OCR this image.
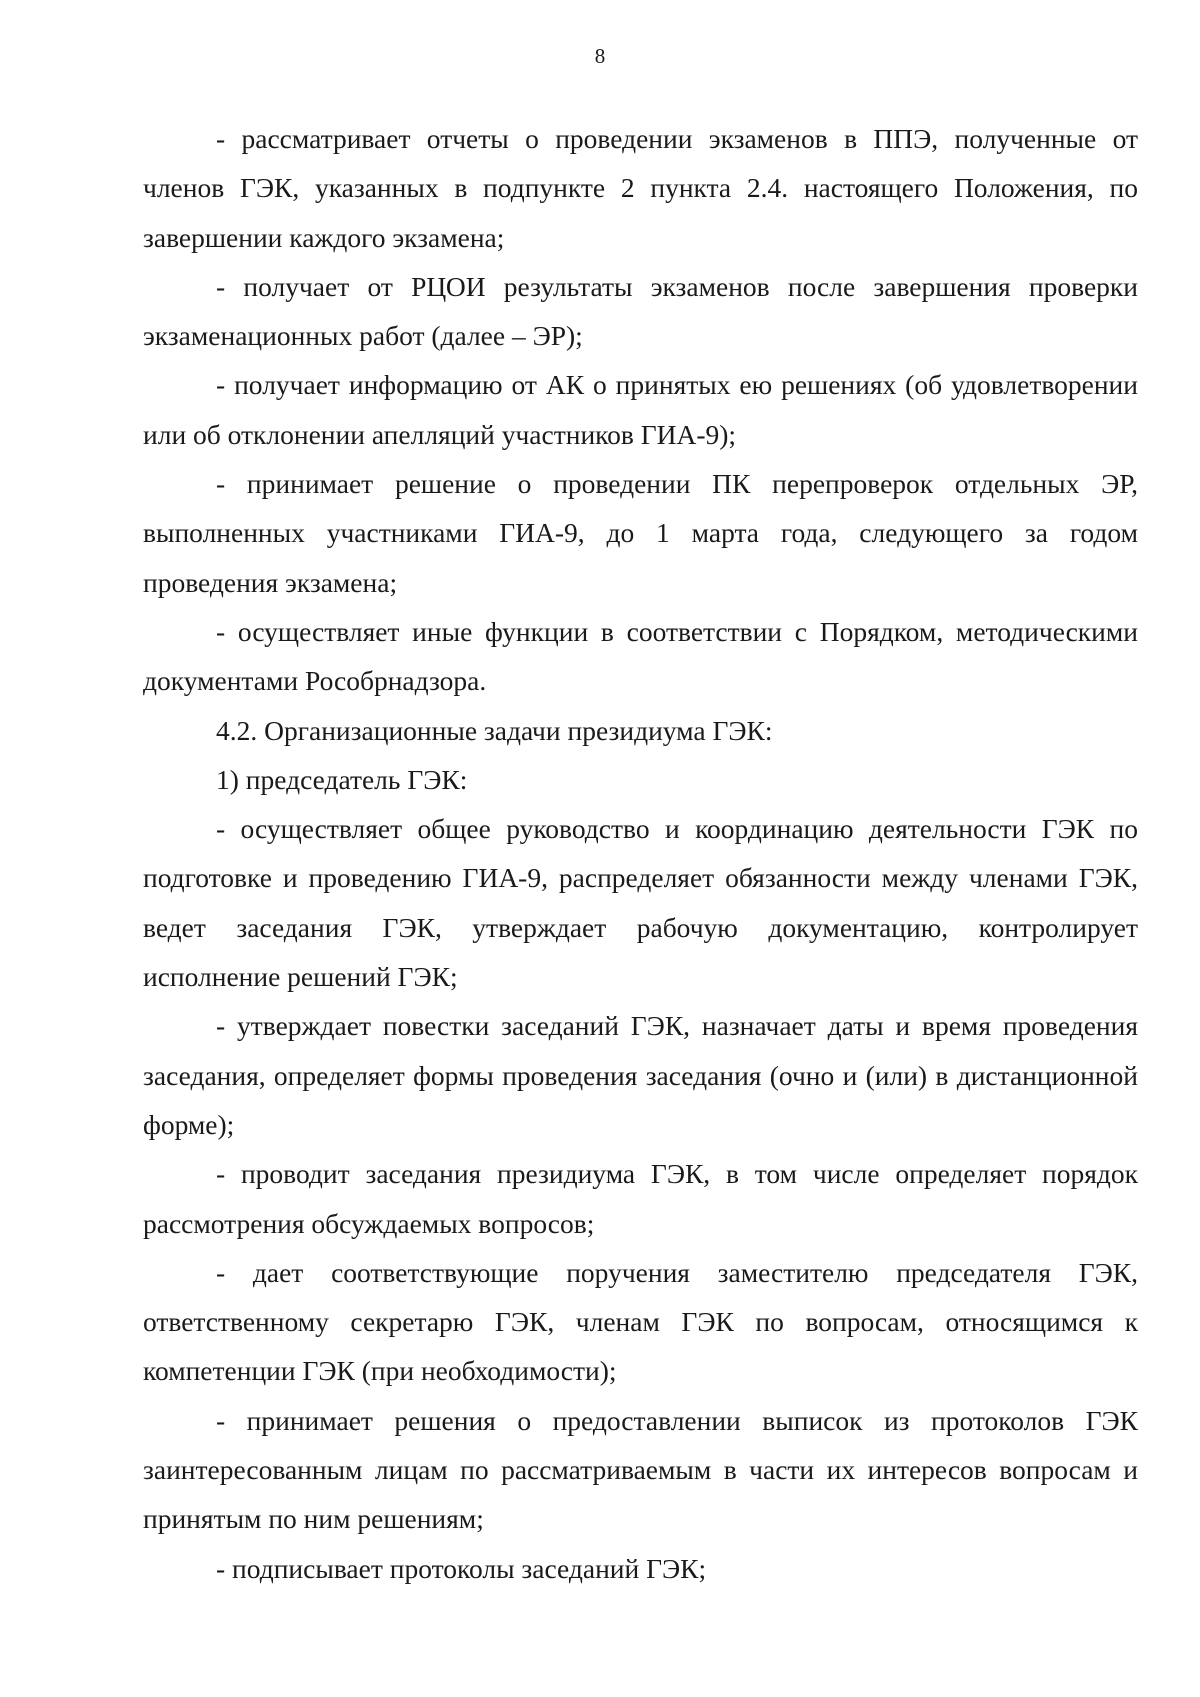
8

- рассматривает отчеты о проведении экзаменов в ППЭ, полученные от членов ГЭК, указанных в подпункте 2 пункта 2.4. настоящего Положения, по завершении каждого экзамена;

- получает от РЦОИ результаты экзаменов после завершения проверки экзаменационных работ (далее – ЭР);

- получает информацию от АК о принятых ею решениях (об удовлетворении или об отклонении апелляций участников ГИА-9);

- принимает решение о проведении ПК перепроверок отдельных ЭР, выполненных участниками ГИА-9, до 1 марта года, следующего за годом проведения экзамена;

- осуществляет иные функции в соответствии с Порядком, методическими документами Рособрнадзора.

4.2. Организационные задачи президиума ГЭК:

1) председатель ГЭК:

- осуществляет общее руководство и координацию деятельности ГЭК по подготовке и проведению ГИА-9, распределяет обязанности между членами ГЭК, ведет заседания ГЭК, утверждает рабочую документацию, контролирует исполнение решений ГЭК;

- утверждает повестки заседаний ГЭК, назначает даты и время проведения заседания, определяет формы проведения заседания (очно и (или) в дистанционной форме);

- проводит заседания президиума ГЭК, в том числе определяет порядок рассмотрения обсуждаемых вопросов;

- дает соответствующие поручения заместителю председателя ГЭК, ответственному секретарю ГЭК, членам ГЭК по вопросам, относящимся к компетенции ГЭК (при необходимости);

- принимает решения о предоставлении выписок из протоколов ГЭК заинтересованным лицам по рассматриваемым в части их интересов вопросам и принятым по ним решениям;

- подписывает протоколы заседаний ГЭК;
